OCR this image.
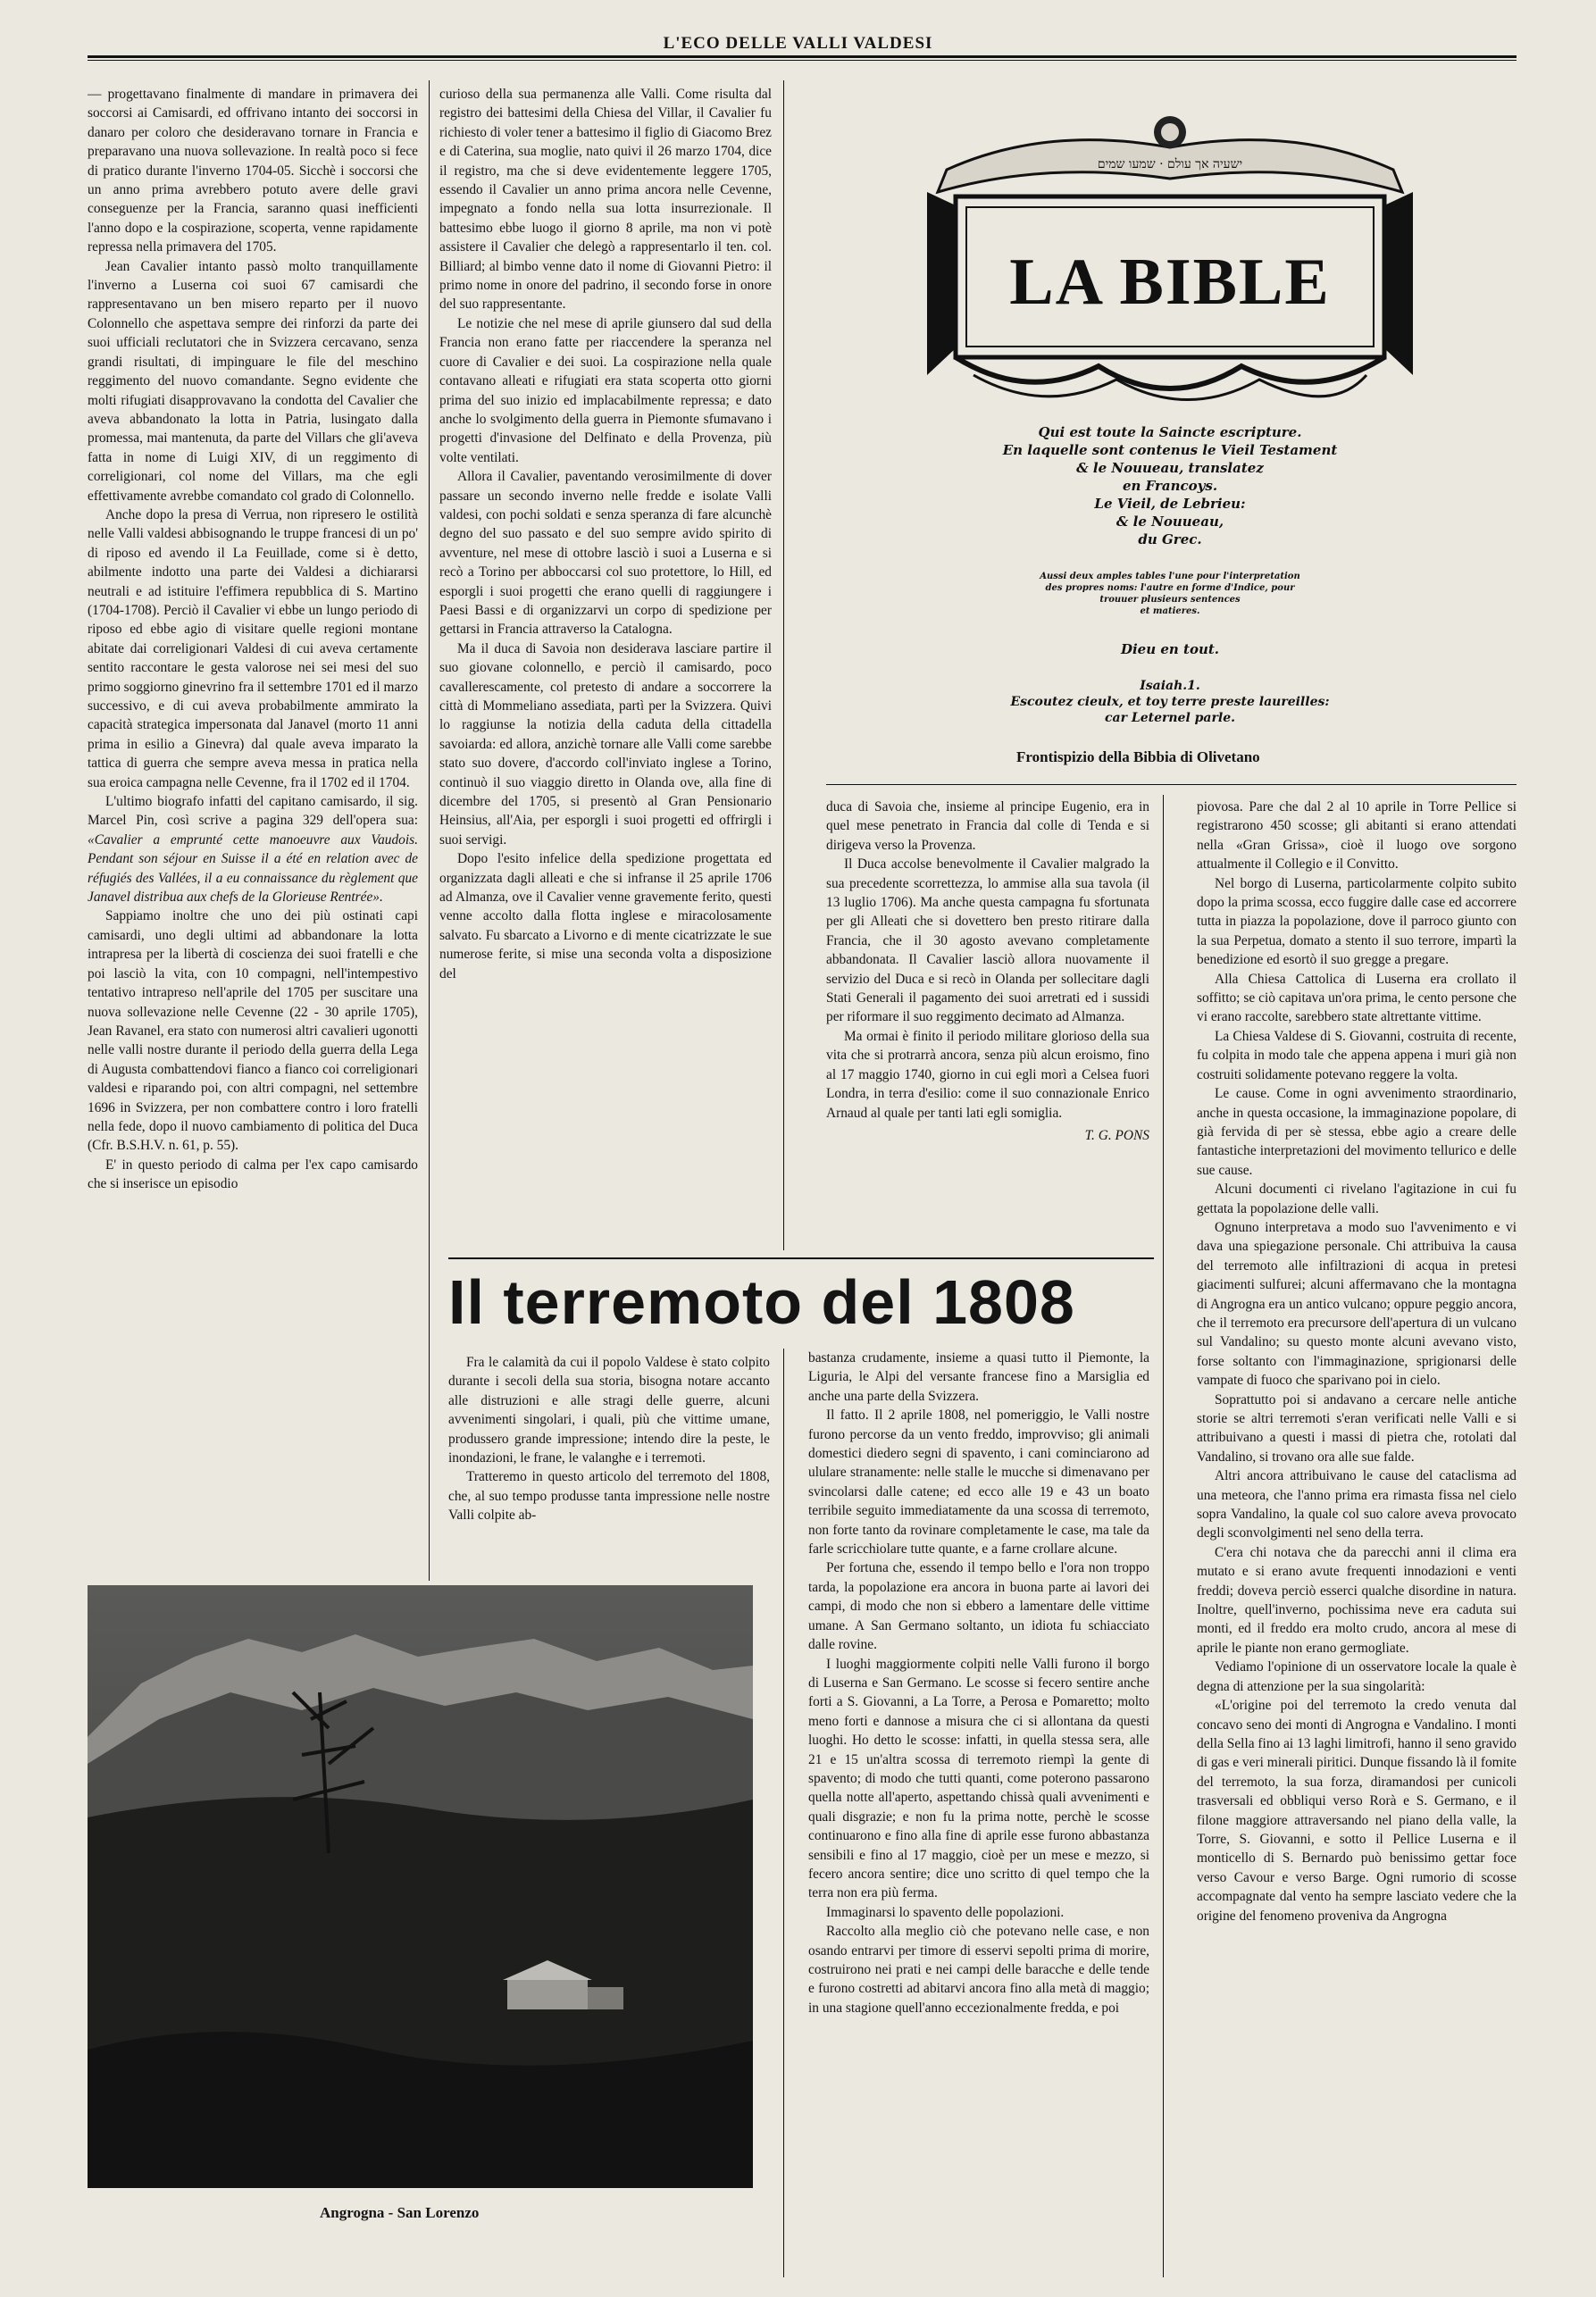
L'ECO DELLE VALLI VALDESI

— progettavano finalmente di mandare in primavera dei soccorsi ai Camisardi, ed offrivano intanto dei soccorsi in danaro per coloro che desideravano tornare in Francia e preparavano una nuova sollevazione. In realtà poco si fece di pratico durante l'inverno 1704-05. Sicchè i soccorsi che un anno prima avrebbero potuto avere delle gravi conseguenze per la Francia, saranno quasi inefficienti l'anno dopo e la cospirazione, scoperta, venne rapidamente repressa nella primavera del 1705.

Jean Cavalier intanto passò molto tranquillamente l'inverno a Luserna coi suoi 67 camisardi che rappresentavano un ben misero reparto per il nuovo Colonnello che aspettava sempre dei rinforzi da parte dei suoi ufficiali reclutatori che in Svizzera cercavano, senza grandi risultati, di impinguare le file del meschino reggimento del nuovo comandante. Segno evidente che molti rifugiati disapprovavano la condotta del Cavalier che aveva abbandonato la lotta in Patria, lusingato dalla promessa, mai mantenuta, da parte del Villars che gli'aveva fatta in nome di Luigi XIV, di un reggimento di correligionari, col nome del Villars, ma che egli effettivamente avrebbe comandato col grado di Colonnello.

Anche dopo la presa di Verrua, non ripresero le ostilità nelle Valli valdesi abbisognando le truppe francesi di un po' di riposo ed avendo il La Feuillade, come si è detto, abilmente indotto una parte dei Valdesi a dichiararsi neutrali e ad istituire l'effimera repubblica di S. Martino (1704-1708). Perciò il Cavalier vi ebbe un lungo periodo di riposo ed ebbe agio di visitare quelle regioni montane abitate dai correligionari Valdesi di cui aveva certamente sentito raccontare le gesta valorose nei sei mesi del suo primo soggiorno ginevrino fra il settembre 1701 ed il marzo successivo, e di cui aveva probabilmente ammirato la capacità strategica impersonata dal Janavel (morto 11 anni prima in esilio a Ginevra) dal quale aveva imparato la tattica di guerra che sempre aveva messa in pratica nella sua eroica campagna nelle Cevenne, fra il 1702 ed il 1704.

L'ultimo biografo infatti del capitano camisardo, il sig. Marcel Pin, così scrive a pagina 329 dell'opera sua: «Cavalier a emprunté cette manoeuvre aux Vaudois. Pendant son séjour en Suisse il a été en relation avec de réfugiés des Vallées, il a eu connaissance du règlement que Janavel distribua aux chefs de la Glorieuse Rentrée».

Sappiamo inoltre che uno dei più ostinati capi camisardi, uno degli ultimi ad abbandonare la lotta intrapresa per la libertà di coscienza dei suoi fratelli e che poi lasciò la vita, con 10 compagni, nell'intempestivo tentativo intrapreso nell'aprile del 1705 per suscitare una nuova sollevazione nelle Cevenne (22 - 30 aprile 1705), Jean Ravanel, era stato con numerosi altri cavalieri ugonotti nelle valli nostre durante il periodo della guerra della Lega di Augusta combattendovi fianco a fianco coi correligionari valdesi e riparando poi, con altri compagni, nel settembre 1696 in Svizzera, per non combattere contro i loro fratelli nella fede, dopo il nuovo cambiamento di politica del Duca (Cfr. B.S.H.V. n. 61, p. 55).

E' in questo periodo di calma per l'ex capo camisardo che si inserisce un episodio

curioso della sua permanenza alle Valli. Come risulta dal registro dei battesimi della Chiesa del Villar, il Cavalier fu richiesto di voler tener a battesimo il figlio di Giacomo Brez e di Caterina, sua moglie, nato quivi il 26 marzo 1704, dice il registro, ma che si deve evidentemente leggere 1705, essendo il Cavalier un anno prima ancora nelle Cevenne, impegnato a fondo nella sua lotta insurrezionale. Il battesimo ebbe luogo il giorno 8 aprile, ma non vi potè assistere il Cavalier che delegò a rappresentarlo il ten. col. Billiard; al bimbo venne dato il nome di Giovanni Pietro: il primo nome in onore del padrino, il secondo forse in onore del suo rappresentante.

Le notizie che nel mese di aprile giunsero dal sud della Francia non erano fatte per riaccendere la speranza nel cuore di Cavalier e dei suoi. La cospirazione nella quale contavano alleati e rifugiati era stata scoperta otto giorni prima del suo inizio ed implacabilmente repressa; e dato anche lo svolgimento della guerra in Piemonte sfumavano i progetti d'invasione del Delfinato e della Provenza, più volte ventilati.

Allora il Cavalier, paventando verosimilmente di dover passare un secondo inverno nelle fredde e isolate Valli valdesi, con pochi soldati e senza speranza di fare alcunchè degno del suo passato e del suo sempre avido spirito di avventure, nel mese di ottobre lasciò i suoi a Luserna e si recò a Torino per abboccarsi col suo protettore, lo Hill, ed esporgli i suoi progetti che erano quelli di raggiungere i Paesi Bassi e di organizzarvi un corpo di spedizione per gettarsi in Francia attraverso la Catalogna.

Ma il duca di Savoia non desiderava lasciare partire il suo giovane colonnello, e perciò il camisardo, poco cavallerescamente, col pretesto di andare a soccorrere la città di Mommeliano assediata, partì per la Svizzera. Quivi lo raggiunse la notizia della caduta della cittadella savoiarda: ed allora, anzichè tornare alle Valli come sarebbe stato suo dovere, d'accordo coll'inviato inglese a Torino, continuò il suo viaggio diretto in Olanda ove, alla fine di dicembre del 1705, si presentò al Gran Pensionario Heinsius, all'Aia, per esporgli i suoi progetti ed offrirgli i suoi servigi.

Dopo l'esito infelice della spedizione progettata ed organizzata dagli alleati e che si infranse il 25 aprile 1706 ad Almanza, ove il Cavalier venne gravemente ferito, questi venne accolto dalla flotta inglese e miracolosamente salvato. Fu sbarcato a Livorno e di mente cicatrizzate le sue numerose ferite, si mise una seconda volta a disposizione del

ישעיה אך עולם · שמעו שמים
LA BIBLE
Qui est toute la Saincte escripture.
En laquelle sont contenus le Vieil Testament
& le Nouueau, translatez
en Francoys.
Le Vieil, de Lebrieu:
& le Nouueau,
du Grec.
Aussi deux amples tables l'une pour l'interpretation
des propres noms: l'autre en forme d'Indice, pour
trouuer plusieurs sentences
et matieres.
Dieu en tout.
Isaiah.1.
Escoutez cieulx, et toy terre preste laureilles:
car Leternel parle.
Frontispizio della Bibbia di Olivetano

duca di Savoia che, insieme al principe Eugenio, era in quel mese penetrato in Francia dal colle di Tenda e si dirigeva verso la Provenza.

Il Duca accolse benevolmente il Cavalier malgrado la sua precedente scorrettezza, lo ammise alla sua tavola (il 13 luglio 1706). Ma anche questa campagna fu sfortunata per gli Alleati che si dovettero ben presto ritirare dalla Francia, che il 30 agosto avevano completamente abbandonata. Il Cavalier lasciò allora nuovamente il servizio del Duca e si recò in Olanda per sollecitare dagli Stati Generali il pagamento dei suoi arretrati ed i sussidi per riformare il suo reggimento decimato ad Almanza.

Ma ormai è finito il periodo militare glorioso della sua vita che si protrarrà ancora, senza più alcun eroismo, fino al 17 maggio 1740, giorno in cui egli morì a Celsea fuori Londra, in terra d'esilio: come il suo connazionale Enrico Arnaud al quale per tanti lati egli somiglia.

T. G. PONS
Il terremoto del 1808

Fra le calamità da cui il popolo Valdese è stato colpito durante i secoli della sua storia, bisogna notare accanto alle distruzioni e alle stragi delle guerre, alcuni avvenimenti singolari, i quali, più che vittime umane, produssero grande impressione; intendo dire la peste, le inondazioni, le frane, le valanghe e i terremoti.

Tratteremo in questo articolo del terremoto del 1808, che, al suo tempo produsse tanta impressione nelle nostre Valli colpite ab-

bastanza crudamente, insieme a quasi tutto il Piemonte, la Liguria, le Alpi del versante francese fino a Marsiglia ed anche una parte della Svizzera.

Il fatto. Il 2 aprile 1808, nel pomeriggio, le Valli nostre furono percorse da un vento freddo, improvviso; gli animali domestici diedero segni di spavento, i cani cominciarono ad ululare stranamente: nelle stalle le mucche si dimenavano per svincolarsi dalle catene; ed ecco alle 19 e 43 un boato terribile seguito immediatamente da una scossa di terremoto, non forte tanto da rovinare completamente le case, ma tale da farle scricchiolare tutte quante, e a farne crollare alcune.

Per fortuna che, essendo il tempo bello e l'ora non troppo tarda, la popolazione era ancora in buona parte ai lavori dei campi, di modo che non si ebbero a lamentare delle vittime umane. A San Germano soltanto, un idiota fu schiacciato dalle rovine.

I luoghi maggiormente colpiti nelle Valli furono il borgo di Luserna e San Germano. Le scosse si fecero sentire anche forti a S. Giovanni, a La Torre, a Perosa e Pomaretto; molto meno forti e dannose a misura che ci si allontana da questi luoghi. Ho detto le scosse: infatti, in quella stessa sera, alle 21 e 15 un'altra scossa di terremoto riempì la gente di spavento; di modo che tutti quanti, come poterono passarono quella notte all'aperto, aspettando chissà quali avvenimenti e quali disgrazie; e non fu la prima notte, perchè le scosse continuarono e fino alla fine di aprile esse furono abbastanza sensibili e fino al 17 maggio, cioè per un mese e mezzo, si fecero ancora sentire; dice uno scritto di quel tempo che la terra non era più ferma.

Immaginarsi lo spavento delle popolazioni.

Raccolto alla meglio ciò che potevano nelle case, e non osando entrarvi per timore di esservi sepolti prima di morire, costruirono nei prati e nei campi delle baracche e delle tende e furono costretti ad abitarvi ancora fino alla metà di maggio; in una stagione quell'anno eccezionalmente fredda, e poi

piovosa. Pare che dal 2 al 10 aprile in Torre Pellice si registrarono 450 scosse; gli abitanti si erano attendati nella «Gran Grissa», cioè il luogo ove sorgono attualmente il Collegio e il Convitto.

Nel borgo di Luserna, particolarmente colpito subito dopo la prima scossa, ecco fuggire dalle case ed accorrere tutta in piazza la popolazione, dove il parroco giunto con la sua Perpetua, domato a stento il suo terrore, impartì la benedizione ed esortò il suo gregge a pregare.

Alla Chiesa Cattolica di Luserna era crollato il soffitto; se ciò capitava un'ora prima, le cento persone che vi erano raccolte, sarebbero state altrettante vittime.

La Chiesa Valdese di S. Giovanni, costruita di recente, fu colpita in modo tale che appena appena i muri già non costruiti solidamente potevano reggere la volta.

Le cause. Come in ogni avvenimento straordinario, anche in questa occasione, la immaginazione popolare, di già fervida di per sè stessa, ebbe agio a creare delle fantastiche interpretazioni del movimento tellurico e delle sue cause.

Alcuni documenti ci rivelano l'agitazione in cui fu gettata la popolazione delle valli.

Ognuno interpretava a modo suo l'avvenimento e vi dava una spiegazione personale. Chi attribuiva la causa del terremoto alle infiltrazioni di acqua in pretesi giacimenti sulfurei; alcuni affermavano che la montagna di Angrogna era un antico vulcano; oppure peggio ancora, che il terremoto era precursore dell'apertura di un vulcano sul Vandalino; su questo monte alcuni avevano visto, forse soltanto con l'immaginazione, sprigionarsi delle vampate di fuoco che sparivano poi in cielo.

Soprattutto poi si andavano a cercare nelle antiche storie se altri terremoti s'eran verificati nelle Valli e si attribuivano a questi i massi di pietra che, rotolati dal Vandalino, si trovano ora alle sue falde.

Altri ancora attribuivano le cause del cataclisma ad una meteora, che l'anno prima era rimasta fissa nel cielo sopra Vandalino, la quale col suo calore aveva provocato degli sconvolgimenti nel seno della terra.

C'era chi notava che da parecchi anni il clima era mutato e si erano avute frequenti innodazioni e venti freddi; doveva perciò esserci qualche disordine in natura. Inoltre, quell'inverno, pochissima neve era caduta sui monti, ed il freddo era molto crudo, ancora al mese di aprile le piante non erano germogliate.

Vediamo l'opinione di un osservatore locale la quale è degna di attenzione per la sua singolarità:

«L'origine poi del terremoto la credo venuta dal concavo seno dei monti di Angrogna e Vandalino. I monti della Sella fino ai 13 laghi limitrofi, hanno il seno gravido di gas e veri minerali piritici. Dunque fissando là il fomite del terremoto, la sua forza, diramandosi per cunicoli trasversali ed obbliqui verso Rorà e S. Germano, e il filone maggiore attraversando nel piano della valle, la Torre, S. Giovanni, e sotto il Pellice Luserna e il monticello di S. Bernardo può benissimo gettar foce verso Cavour e verso Barge. Ogni rumorio di scosse accompagnate dal vento ha sempre lasciato vedere che la origine del fenomeno proveniva da Angrogna

Angrogna - San Lorenzo
